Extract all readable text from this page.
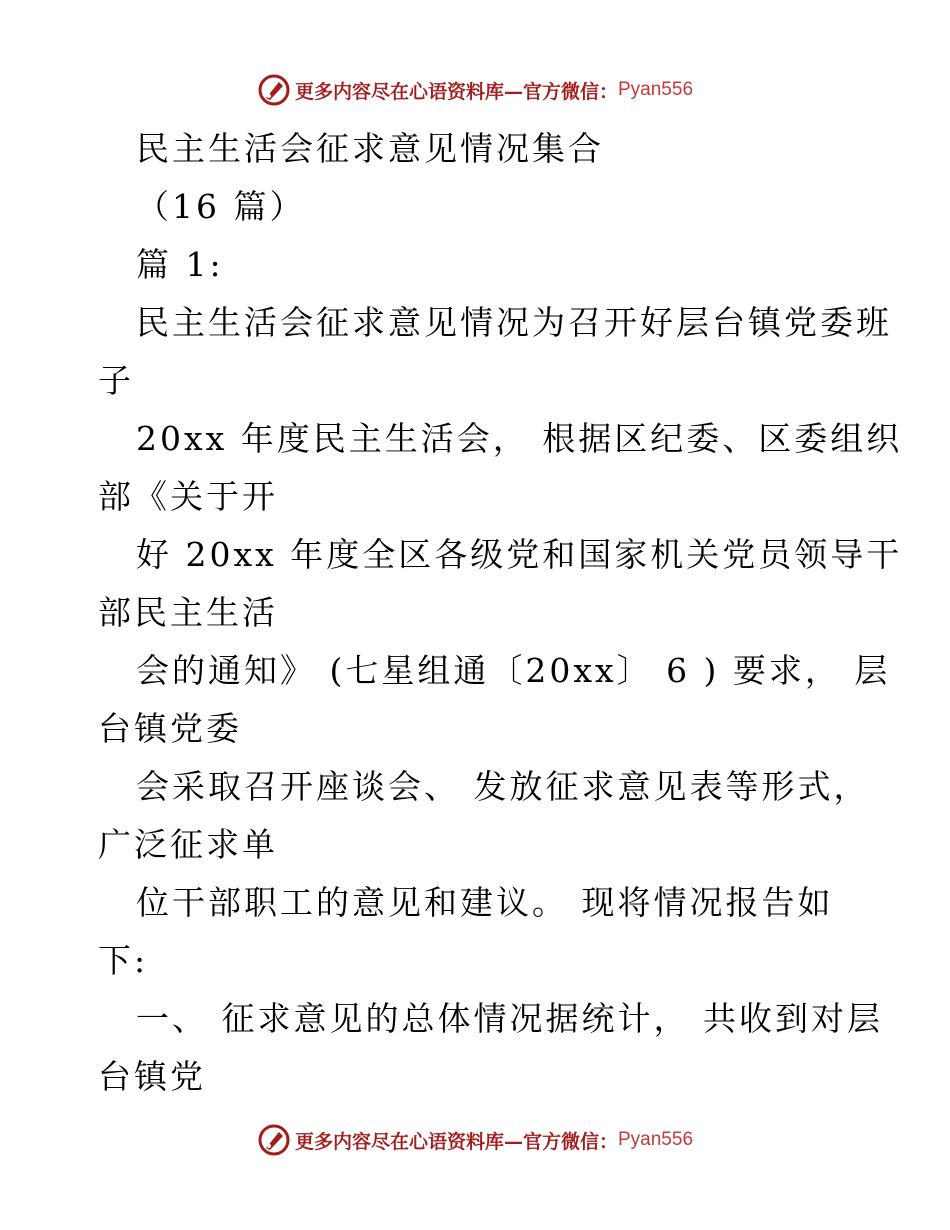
更多内容尽在心语资料库—官方微信： Pyan556
民主生活会征求意见情况集合
（16 篇）
篇 1:
民主生活会征求意见情况为召开好层台镇党委班
子
20xx 年度民主生活会， 根据区纪委、区委组织
部《关于开
好 20xx 年度全区各级党和国家机关党员领导干
部民主生活
会的通知》 (七星组通〔20xx〕 6 ) 要求， 层
台镇党委
会采取召开座谈会、 发放征求意见表等形式，
广泛征求单
位干部职工的意见和建议。 现将情况报告如
下:
一、 征求意见的总体情况据统计， 共收到对层
台镇党
更多内容尽在心语资料库—官方微信： Pyan556
